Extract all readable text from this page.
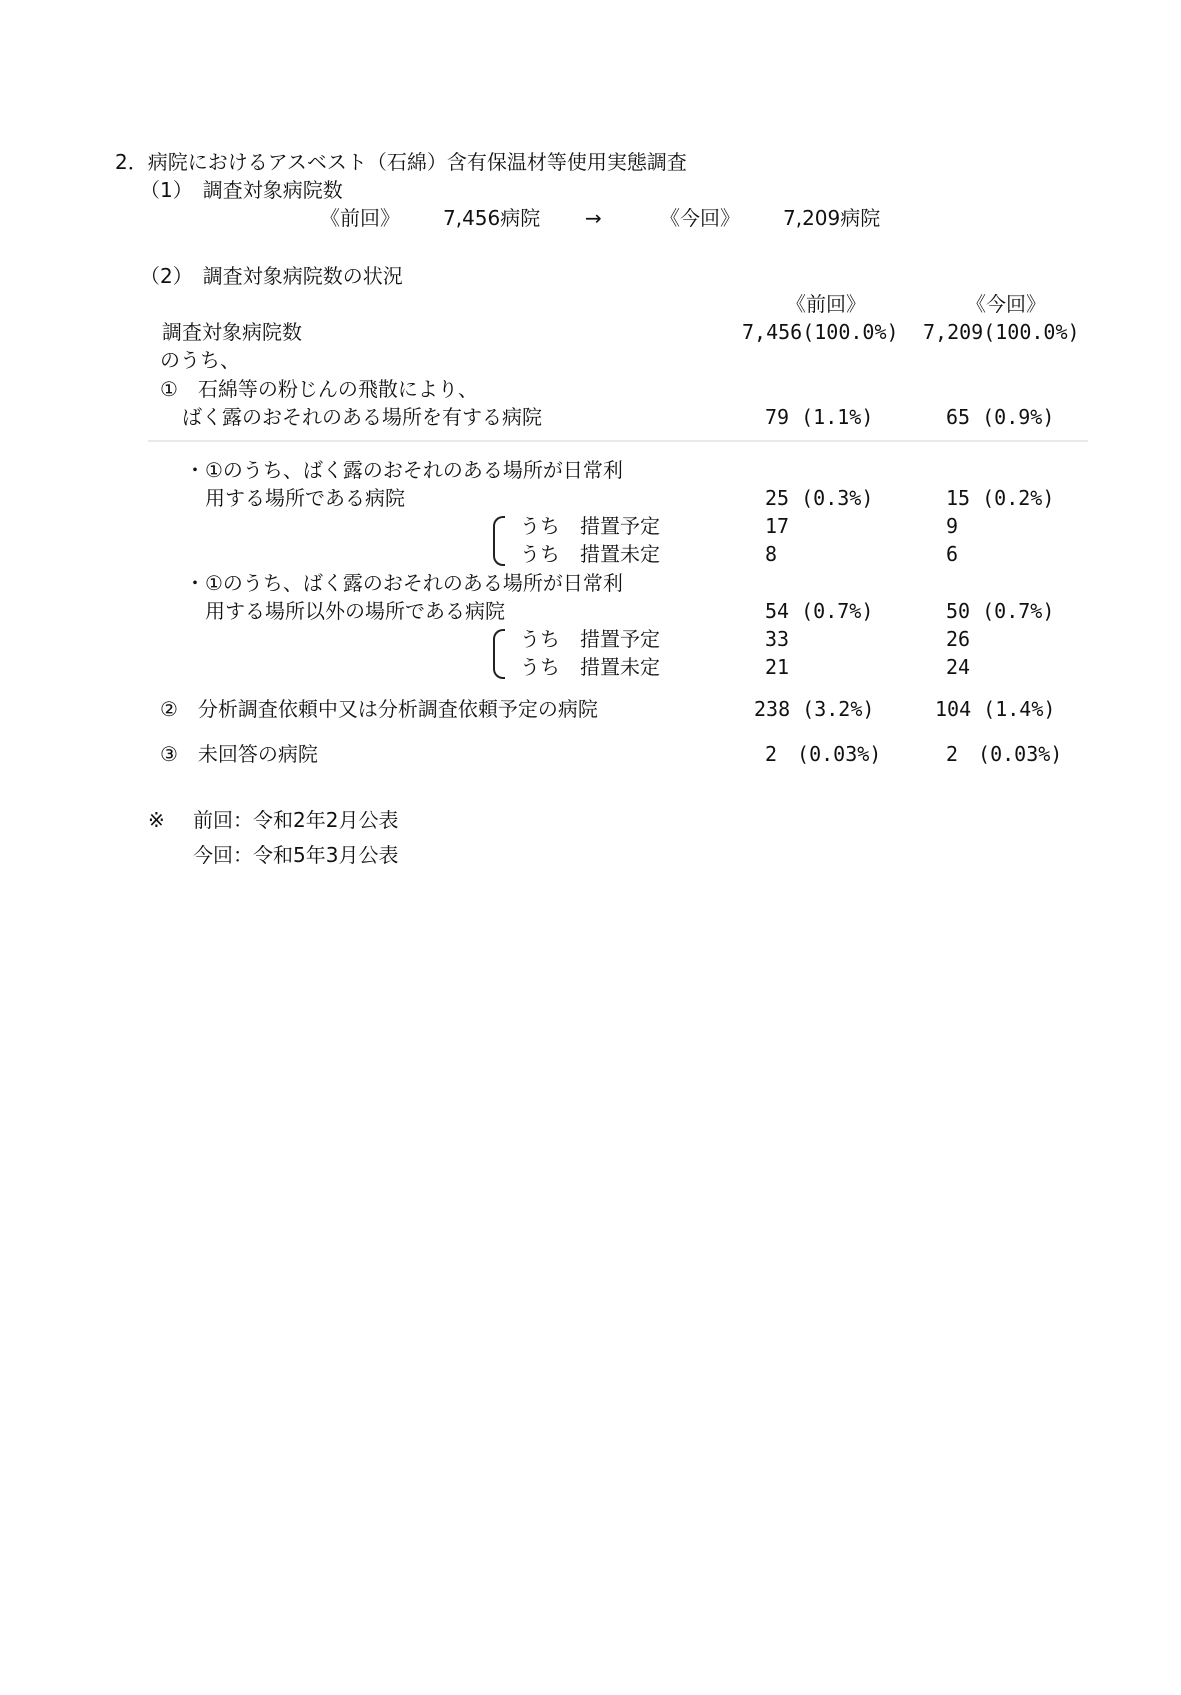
2．病院におけるアスベスト（石綿）含有保温材等使用実態調査
（1）　調査対象病院数
《前回》 7,456病院 →	《今回》 7,209病院
（2）　調査対象病院数の状況
《前回》	《今回》
調査対象病院数	7,456(100.0%) 7,209(100.0%)
のうち、
①　石綿等の粉じんの飛散により、
ばく露のおそれのある場所を有する病院	79 (1.1%)	65 (0.9%)
・①のうち、ばく露のおそれのある場所が日常利
用する場所である病院	25 (0.3%)	15 (0.2%)
うち　措置予定	17	9
うち　措置未定	8	6
・①のうち、ばく露のおそれのある場所が日常利
用する場所以外の場所である病院	54 (0.7%)	50 (0.7%)
うち　措置予定	33	26
うち　措置未定	21	24
②　分析調査依頼中又は分析調査依頼予定の病院	238 (3.2%)	104 (1.4%)
③　未回答の病院	2　(0.03%)	2　(0.03%)
※ 前回：令和2年2月公表
今回：令和5年3月公表
